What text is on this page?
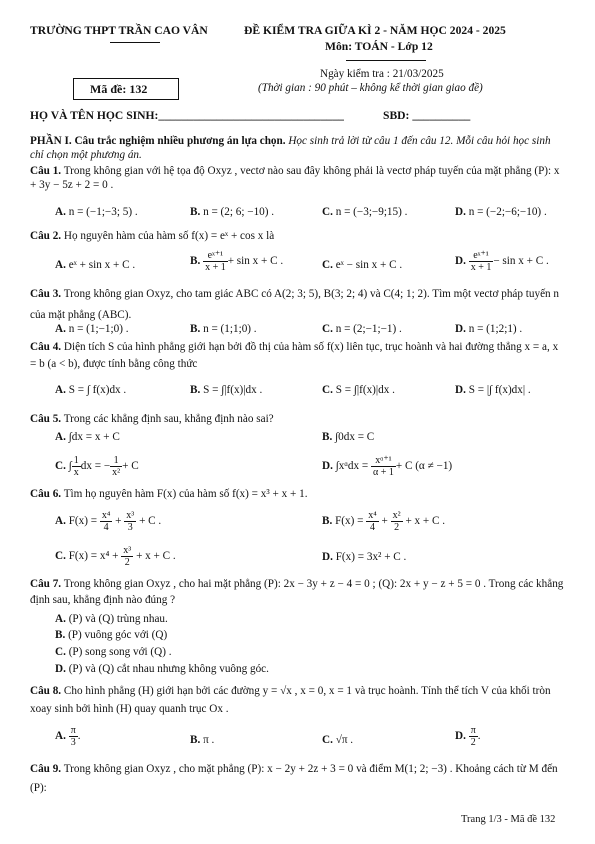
TRƯỜNG THPT TRẦN CAO VÂN	ĐỀ KIỂM TRA GIỮA KÌ 2 - NĂM HỌC 2024 - 2025
Môn: TOÁN - Lớp 12
Ngày kiểm tra : 21/03/2025
Mã đề: 132	(Thời gian : 90 phút – không kể thời gian giao đề)
HỌ VÀ TÊN HỌC SINH:________________________________	SBD: __________
PHẦN I. Câu trắc nghiệm nhiều phương án lựa chọn. Học sinh trả lời từ câu 1 đến câu 12. Mỗi câu hỏi học sinh chỉ chọn một phương án.
Câu 1. Trong không gian với hệ tọa độ Oxyz , vectơ nào sau đây không phải là vectơ pháp tuyến của mặt phẳng (P): x + 3y − 5z + 2 = 0 .
A. n = (−1;−3; 5) .	B. n = (2; 6; −10) .	C. n = (−3;−9;15) .	D. n = (−2;−6;−10) .
Câu 2. Họ nguyên hàm của hàm số f(x) = eˣ + cos x là
A. eˣ + sin x + C .	B. $\frac{\text{eˣ⁺¹}}{x + 1} + \sin x + C$ .	C. eˣ − sin x + C .	D. $\frac{\text{eˣ⁺¹}}{x + 1} - \sin x + C$ .
Câu 3. Trong không gian Oxyz, cho tam giác ABC có A(2; 3; 5), B(3; 2; 4) và C(4; 1; 2). Tìm một vectơ pháp tuyến n của mặt phẳng (ABC).
A. n = (1;−1;0) .	B. n = (1;1;0) .	C. n = (2;−1;−1) .	D. n = (1;2;1) .
Câu 4. Diện tích S của hình phẳng giới hạn bởi đồ thị của hàm số f(x) liên tục, trục hoành và hai đường thẳng x = a, x = b (a < b), được tính bằng công thức
A. S = ∫ f(x)dx .	B. S = ∫|f(x)|dx .	C. S = ∫|f(x)|dx .	D. S = |∫ f(x)dx| .
Câu 5. Trong các khẳng định sau, khẳng định nào sai?
A. ∫dx = x + C	B. ∫0dx = C
C. ∫ $\frac{1}{x}$ dx = − $\frac{1}{\text{x²}} + C$	D. ∫xᵅdx = $\frac{\text{xᵅ⁺¹}}{\alpha + 1} + C$ (α ≠ −1)
Câu 6. Tìm họ nguyên hàm F(x) của hàm số f(x) = x³ + x + 1.
A. $F(x) = \frac{\text{x⁴}}{4} + \frac{\text{x³}}{3} + C$ .	B. $F(x) = \frac{\text{x⁴}}{4} + \frac{\text{x²}}{2} + x + C$ .
C. $F(x) = x^4 + \frac{\text{x³}}{2} + x + C$ .	D. F(x) = 3x² + C .
Câu 7. Trong không gian Oxyz , cho hai mặt phẳng (P): 2x − 3y + z − 4 = 0 ; (Q): 2x + y − z + 5 = 0 . Trong các khẳng định sau, khẳng định nào đúng ?
A. (P) và (Q) trùng nhau.
B. (P) vuông góc với (Q)
C. (P) song song với (Q) .
D. (P) và (Q) cắt nhau nhưng không vuông góc.
Câu 8. Cho hình phẳng (H) giới hạn bởi các đường y = √x , x = 0, x = 1 và trục hoành. Tính thể tích V của khối tròn xoay sinh bởi hình (H) quay quanh trục Ox .
A. $\frac{\pi}{3}$ .	B. π .	C. √π .	D. $\frac{\pi}{2}$ .
Câu 9. Trong không gian Oxyz , cho mặt phẳng (P): x − 2y + 2z + 3 = 0 và điểm M(1; 2; −3) . Khoảng cách từ M đến (P):
Trang 1/3 - Mã đề 132
